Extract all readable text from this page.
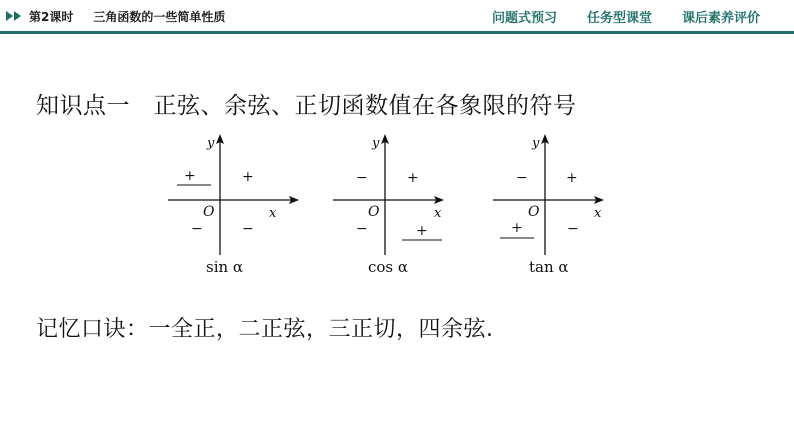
第2课时 三角函数的一些简单性质	问题式预习 任务型课堂 课后素养评价
知识点一　正弦、余弦、正切函数值在各象限的符号
y
x
O
+
+
−	−
sin α
y
x
O
+
−
−	+
cos α
y
x
O
+
−
+	−
tan α
记忆口诀：一全正，二正弦，三正切，四余弦.
